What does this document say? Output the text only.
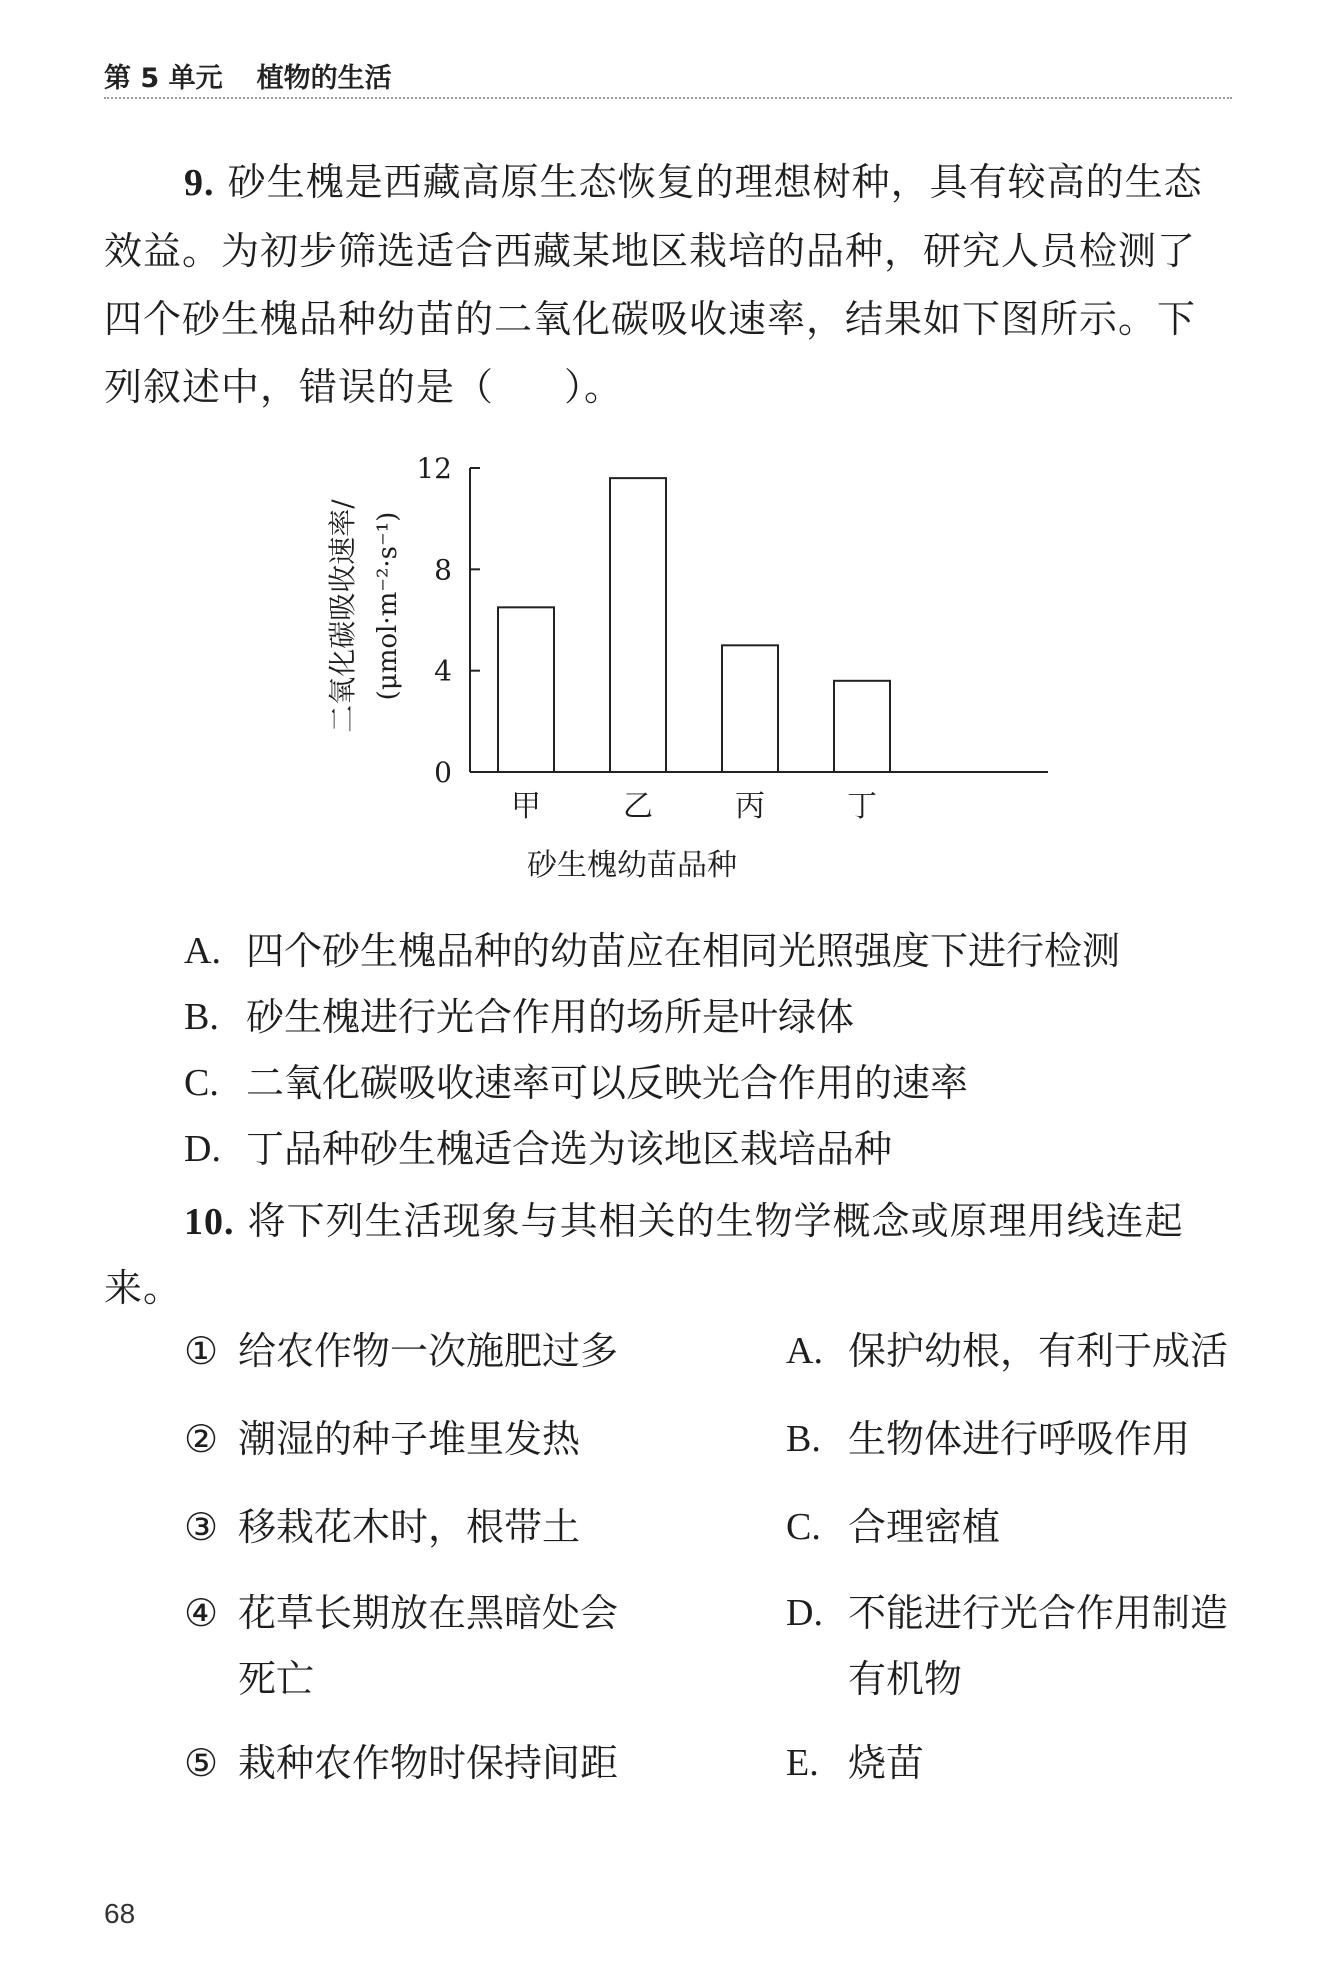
第 5 单元 植物的生活
9. 砂生槐是西藏高原生态恢复的理想树种，具有较高的生态效益。为初步筛选适合西藏某地区栽培的品种，研究人员检测了四个砂生槐品种幼苗的二氧化碳吸收速率，结果如下图所示。下列叙述中，错误的是（ ）。
二氧化碳吸收速率/ (μmol·m⁻²·s⁻¹)
0
4
8
12
甲	乙	丙	丁
砂生槐幼苗品种
A. 四个砂生槐品种的幼苗应在相同光照强度下进行检测
B. 砂生槐进行光合作用的场所是叶绿体
C. 二氧化碳吸收速率可以反映光合作用的速率
D. 丁品种砂生槐适合选为该地区栽培品种
10. 将下列生活现象与其相关的生物学概念或原理用线连起来。
① 给农作物一次施肥过多
② 潮湿的种子堆里发热
③ 移栽花木时，根带土
④ 花草长期放在黑暗处会死亡
⑤ 栽种农作物时保持间距
A. 保护幼根，有利于成活
B. 生物体进行呼吸作用
C. 合理密植
D. 不能进行光合作用制造有机物
E. 烧苗
68
